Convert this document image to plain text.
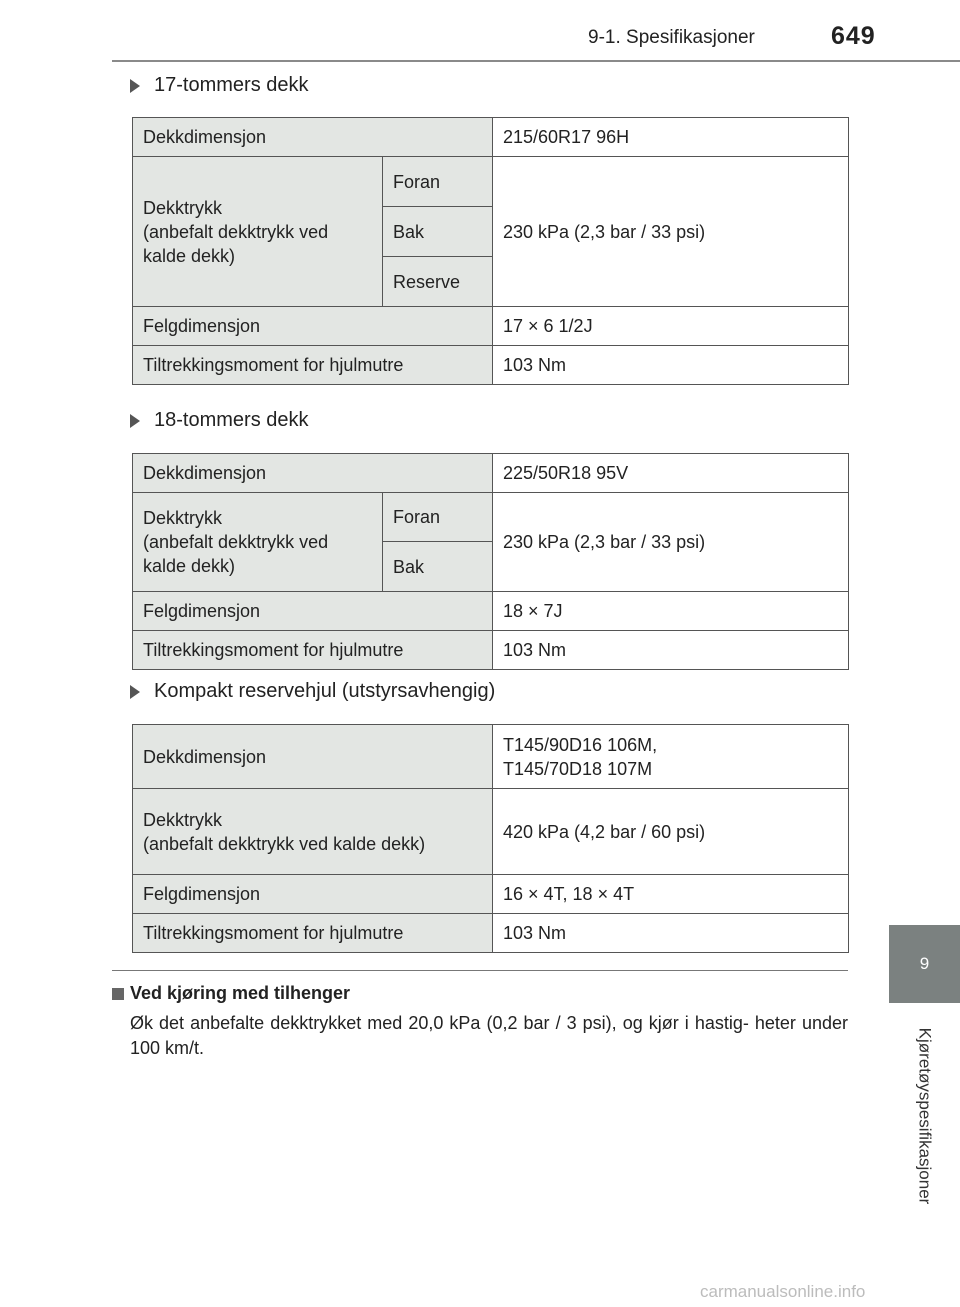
9-1. Spesifikasjoner	649
9
Kjøretøyspesifikasjoner
17-tommers dekk
Dekkdimensjon		215/60R17 96H
Dekktrykk
(anbefalt dekktrykk ved
kalde dekk)	Foran	230 kPa (2,3 bar / 33 psi)
	Bak	
	Reserve	
Felgdimensjon		17 × 6 1/2J
Tiltrekkingsmoment for hjulmutre		103 Nm
18-tommers dekk
Dekkdimensjon		225/50R18 95V
Dekktrykk
(anbefalt dekktrykk ved
kalde dekk)	Foran	230 kPa (2,3 bar / 33 psi)
	Bak	
Felgdimensjon		18 × 7J
Tiltrekkingsmoment for hjulmutre		103 Nm
Kompakt reservehjul (utstyrsavhengig)
Dekkdimensjon	T145/90D16 106M,
T145/70D18 107M
Dekktrykk
(anbefalt dekktrykk ved kalde dekk)	420 kPa (4,2 bar / 60 psi)
Felgdimensjon	16 × 4T, 18 × 4T
Tiltrekkingsmoment for hjulmutre	103 Nm
Ved kjøring med tilhenger
Øk det anbefalte dekktrykket med 20,0 kPa (0,2 bar / 3 psi), og kjør i hastig- heter under 100 km/t.
carmanualsonline.info
